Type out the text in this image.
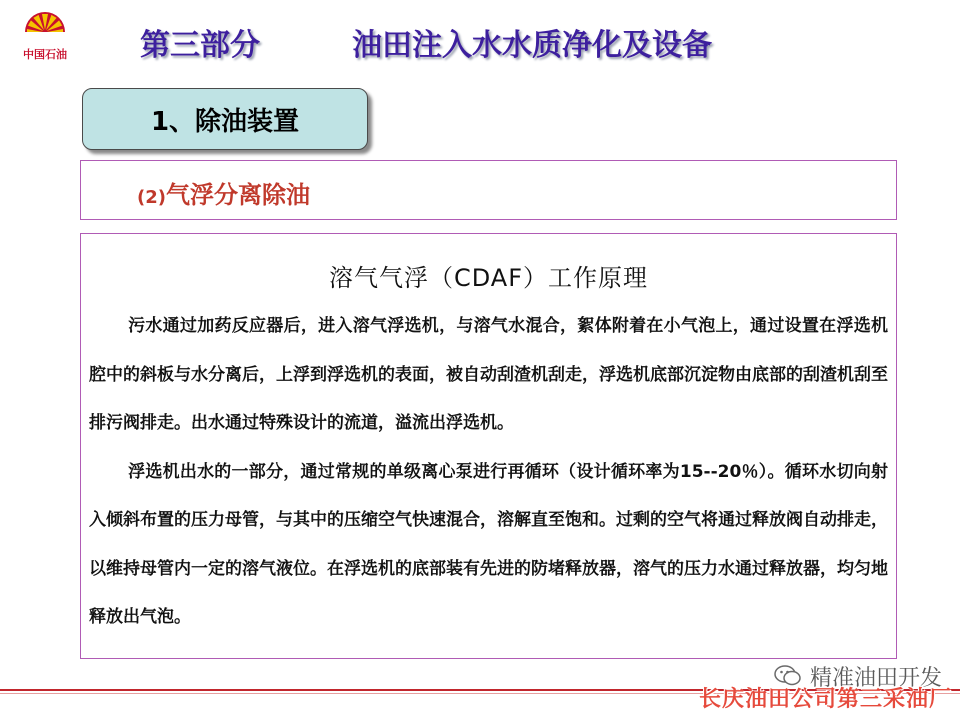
中国石油	第三部分	油田注入水水质净化及设备
1、除油装置
(2)气浮分离除油
溶气气浮（CDAF）工作原理

污水通过加药反应器后，进入溶气浮选机，与溶气水混合，絮体附着在小气泡上，通过设置在浮选机腔中的斜板与水分离后，上浮到浮选机的表面，被自动刮渣机刮走，浮选机底部沉淀物由底部的刮渣机刮至排污阀排走。出水通过特殊设计的流道，溢流出浮选机。

浮选机出水的一部分，通过常规的单级离心泵进行再循环（设计循环率为15--20％）。循环水切向射入倾斜布置的压力母管，与其中的压缩空气快速混合，溶解直至饱和。过剩的空气将通过释放阀自动排走，以维持母管内一定的溶气液位。在浮选机的底部装有先进的防堵释放器，溶气的压力水通过释放器，均匀地释放出气泡。

精准油田开发
长庆油田公司第三采油厂
